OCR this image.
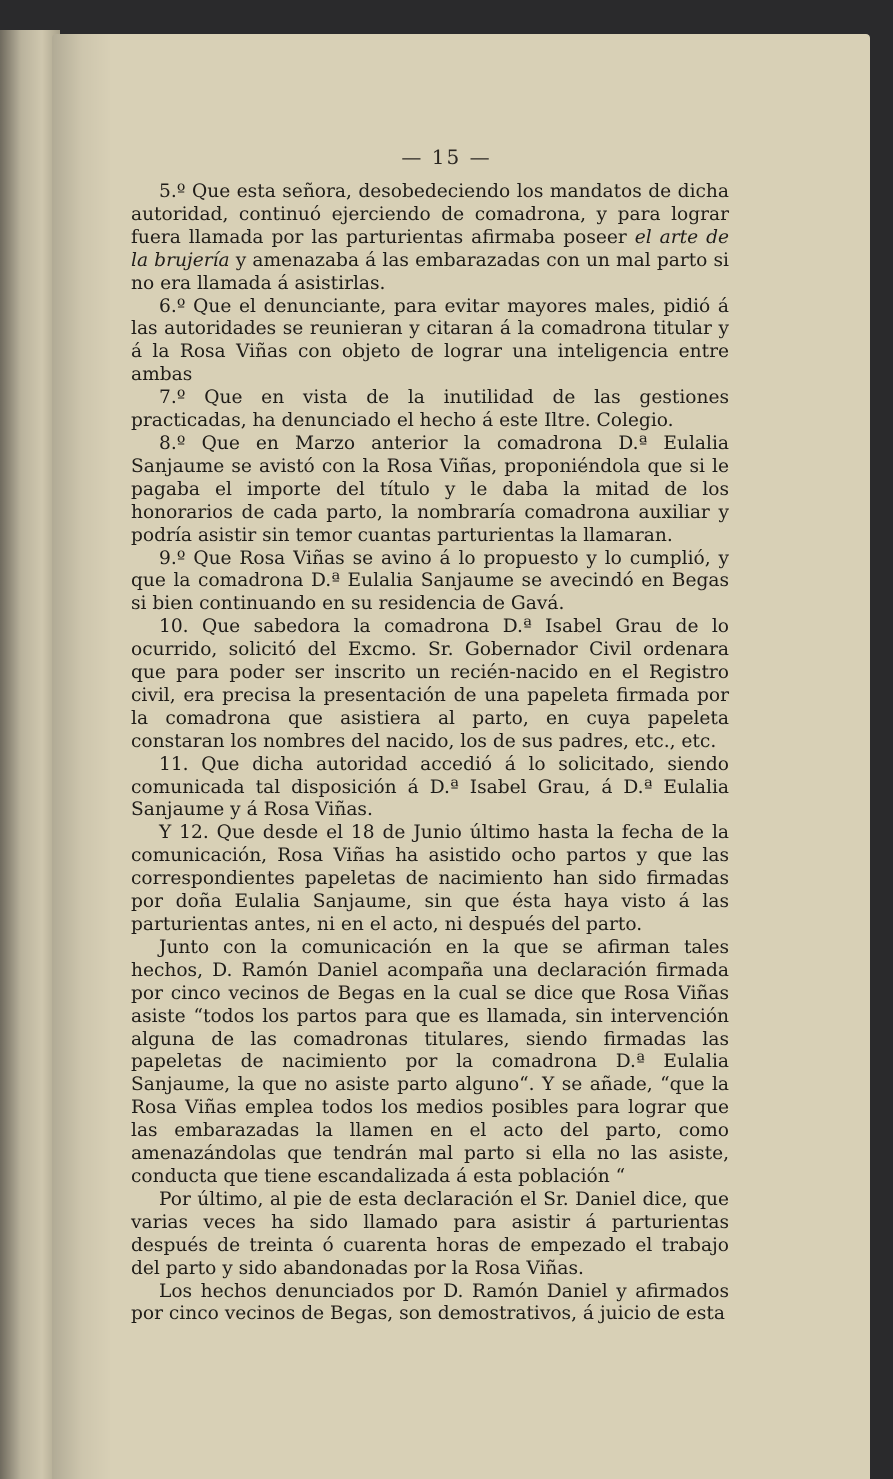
— 15 —

5.º Que esta señora, desobedeciendo los mandatos de dicha autoridad, continuó ejerciendo de comadrona, y para lograr fuera llamada por las parturientas afirmaba poseer el arte de la brujería y amenazaba á las embarazadas con un mal parto si no era llamada á asistirlas.

6.º Que el denunciante, para evitar mayores males, pidió á las autoridades se reunieran y citaran á la comadrona titular y á la Rosa Viñas con objeto de lograr una inteligencia entre ambas

7.º Que en vista de la inutilidad de las gestiones practicadas, ha denunciado el hecho á este Iltre. Colegio.

8.º Que en Marzo anterior la comadrona D.ª Eulalia Sanjaume se avistó con la Rosa Viñas, proponiéndola que si le pagaba el importe del título y le daba la mitad de los honorarios de cada parto, la nombraría comadrona auxiliar y podría asistir sin temor cuantas parturientas la llamaran.

9.º Que Rosa Viñas se avino á lo propuesto y lo cumplió, y que la comadrona D.ª Eulalia Sanjaume se avecindó en Begas si bien continuando en su residencia de Gavá.

10. Que sabedora la comadrona D.ª Isabel Grau de lo ocurrido, solicitó del Excmo. Sr. Gobernador Civil ordenara que para poder ser inscrito un recién-nacido en el Registro civil, era precisa la presentación de una papeleta firmada por la comadrona que asistiera al parto, en cuya papeleta constaran los nombres del nacido, los de sus padres, etc., etc.

11. Que dicha autoridad accedió á lo solicitado, siendo comunicada tal disposición á D.ª Isabel Grau, á D.ª Eulalia Sanjaume y á Rosa Viñas.

Y 12. Que desde el 18 de Junio último hasta la fecha de la comunicación, Rosa Viñas ha asistido ocho partos y que las correspondientes papeletas de nacimiento han sido firmadas por doña Eulalia Sanjaume, sin que ésta haya visto á las parturientas antes, ni en el acto, ni después del parto.

Junto con la comunicación en la que se afirman tales hechos, D. Ramón Daniel acompaña una declaración firmada por cinco vecinos de Begas en la cual se dice que Rosa Viñas asiste “todos los partos para que es llamada, sin intervención alguna de las comadronas titulares, siendo firmadas las papeletas de nacimiento por la comadrona D.ª Eulalia Sanjaume, la que no asiste parto alguno“. Y se añade, “que la Rosa Viñas emplea todos los medios posibles para lograr que las embarazadas la llamen en el acto del parto, como amenazándolas que tendrán mal parto si ella no las asiste, conducta que tiene escandalizada á esta población “

Por último, al pie de esta declaración el Sr. Daniel dice, que varias veces ha sido llamado para asistir á parturientas después de treinta ó cuarenta horas de empezado el trabajo del parto y sido abandonadas por la Rosa Viñas.

Los hechos denunciados por D. Ramón Daniel y afirmados por cinco vecinos de Begas, son demostrativos, á juicio de esta
